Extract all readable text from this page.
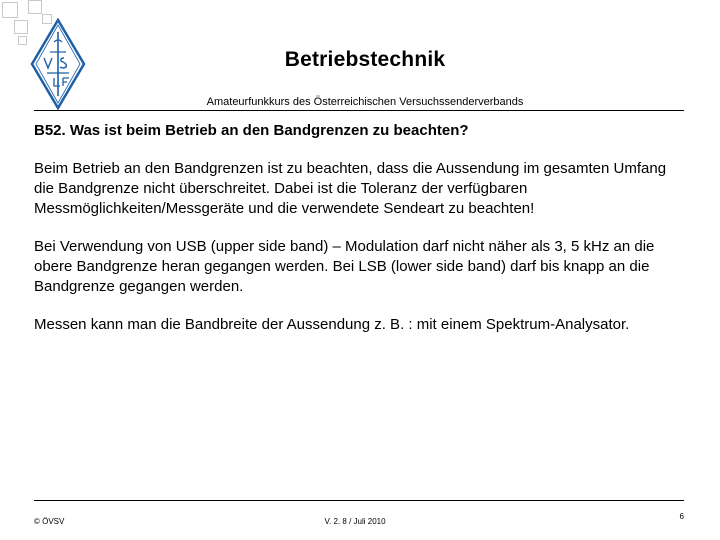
Betriebstechnik
Amateurfunkkurs des Österreichischen Versuchssenderverbands
B52. Was ist beim Betrieb an den Bandgrenzen zu beachten?
Beim Betrieb an den Bandgrenzen ist zu beachten, dass die Aussendung im gesamten Umfang die Bandgrenze nicht überschreitet. Dabei ist die Toleranz der verfügbaren Messmöglichkeiten/Messgeräte und die verwendete Sendeart zu beachten!
Bei Verwendung von USB (upper side band) – Modulation darf nicht näher als 3, 5 kHz an die obere Bandgrenze heran gegangen werden. Bei LSB (lower side band) darf bis knapp an die Bandgrenze gegangen werden.
Messen kann man die Bandbreite der Aussendung z. B. : mit einem Spektrum-Analysator.
© ÖVSV	V. 2. 8 / Juli 2010
6
